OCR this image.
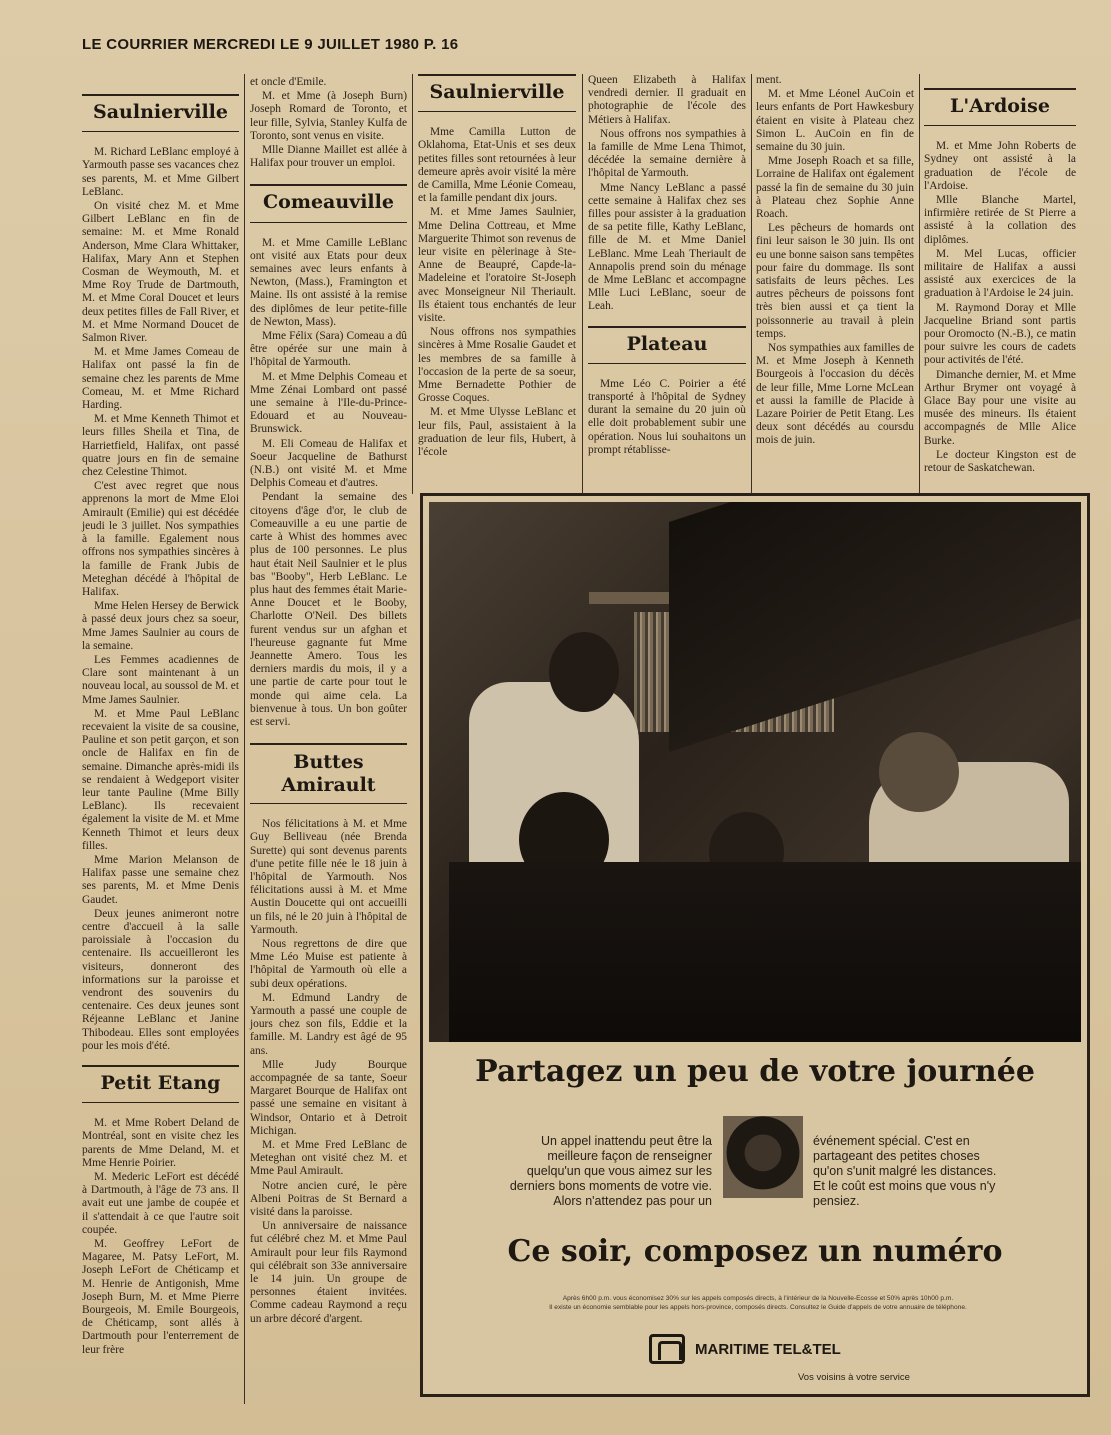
LE COURRIER MERCREDI LE 9 JUILLET 1980 P. 16
Saulnierville

M. Richard LeBlanc employé à Yarmouth passe ses vacances chez ses parents, M. et Mme Gilbert LeBlanc.

On visité chez M. et Mme Gilbert LeBlanc en fin de semaine: M. et Mme Ronald Anderson, Mme Clara Whittaker, Halifax, Mary Ann et Stephen Cosman de Weymouth, M. et Mme Roy Trude de Dartmouth, M. et Mme Coral Doucet et leurs deux petites filles de Fall River, et M. et Mme Normand Doucet de Salmon River.

M. et Mme James Comeau de Halifax ont passé la fin de semaine chez les parents de Mme Comeau, M. et Mme Richard Harding.

M. et Mme Kenneth Thimot et leurs filles Sheila et Tina, de Harrietfield, Halifax, ont passé quatre jours en fin de semaine chez Celestine Thimot.

C'est avec regret que nous apprenons la mort de Mme Eloi Amirault (Emilie) qui est décédée jeudi le 3 juillet. Nos sympathies à la famille. Egalement nous offrons nos sympathies sincères à la famille de Frank Jubis de Meteghan décédé à l'hôpital de Halifax.

Mme Helen Hersey de Berwick à passé deux jours chez sa soeur, Mme James Saulnier au cours de la semaine.

Les Femmes acadiennes de Clare sont maintenant à un nouveau local, au soussol de M. et Mme James Saulnier.

M. et Mme Paul LeBlanc recevaient la visite de sa cousine, Pauline et son petit garçon, et son oncle de Halifax en fin de semaine. Dimanche après-midi ils se rendaient à Wedgeport visiter leur tante Pauline (Mme Billy LeBlanc). Ils recevaient également la visite de M. et Mme Kenneth Thimot et leurs deux filles.

Mme Marion Melanson de Halifax passe une semaine chez ses parents, M. et Mme Denis Gaudet.

Deux jeunes animeront notre centre d'accueil à la salle paroissiale à l'occasion du centenaire. Ils accueilleront les visiteurs, donneront des informations sur la paroisse et vendront des souvenirs du centenaire. Ces deux jeunes sont Réjeanne LeBlanc et Janine Thibodeau. Elles sont employées pour les mois d'été.

Petit Etang

M. et Mme Robert Deland de Montréal, sont en visite chez les parents de Mme Deland, M. et Mme Henrie Poirier.

M. Mederic LeFort est décédé à Dartmouth, à l'âge de 73 ans. Il avait eut une jambe de coupée et il s'attendait à ce que l'autre soit coupée.

M. Geoffrey LeFort de Magaree, M. Patsy LeFort, M. Joseph LeFort de Chéticamp et M. Henrie de Antigonish, Mme Joseph Burn, M. et Mme Pierre Bourgeois, M. Emile Bourgeois, de Chéticamp, sont allés à Dartmouth pour l'enterrement de leur frère

et oncle d'Emile.

M. et Mme (à Joseph Burn) Joseph Romard de Toronto, et leur fille, Sylvia, Stanley Kulfa de Toronto, sont venus en visite.

Mlle Dianne Maillet est allée à Halifax pour trouver un emploi.

Comeauville

M. et Mme Camille LeBlanc ont visité aux Etats pour deux semaines avec leurs enfants à Newton, (Mass.), Framington et Maine. Ils ont assisté à la remise des diplômes de leur petite-fille de Newton, Mass).

Mme Félix (Sara) Comeau a dû être opérée sur une main à l'hôpital de Yarmouth.

M. et Mme Delphis Comeau et Mme Zénai Lombard ont passé une semaine à l'Ile-du-Prince-Edouard et au Nouveau-Brunswick.

M. Eli Comeau de Halifax et Soeur Jacqueline de Bathurst (N.B.) ont visité M. et Mme Delphis Comeau et d'autres.

Pendant la semaine des citoyens d'âge d'or, le club de Comeauville a eu une partie de carte à Whist des hommes avec plus de 100 personnes. Le plus haut était Neil Saulnier et le plus bas "Booby", Herb LeBlanc. Le plus haut des femmes était Marie-Anne Doucet et le Booby, Charlotte O'Neil. Des billets furent vendus sur un afghan et l'heureuse gagnante fut Mme Jeannette Amero. Tous les derniers mardis du mois, il y a une partie de carte pour tout le monde qui aime cela. La bienvenue à tous. Un bon goûter est servi.

Buttes Amirault

Nos félicitations à M. et Mme Guy Belliveau (née Brenda Surette) qui sont devenus parents d'une petite fille née le 18 juin à l'hôpital de Yarmouth. Nos félicitations aussi à M. et Mme Austin Doucette qui ont accueilli un fils, né le 20 juin à l'hôpital de Yarmouth.

Nous regrettons de dire que Mme Léo Muise est patiente à l'hôpital de Yarmouth où elle a subi deux opérations.

M. Edmund Landry de Yarmouth a passé une couple de jours chez son fils, Eddie et la famille. M. Landry est âgé de 95 ans.

Mlle Judy Bourque accompagnée de sa tante, Soeur Margaret Bourque de Halifax ont passé une semaine en visitant à Windsor, Ontario et à Detroit Michigan.

M. et Mme Fred LeBlanc de Meteghan ont visité chez M. et Mme Paul Amirault.

Notre ancien curé, le père Albeni Poitras de St Bernard a visité dans la paroisse.

Un anniversaire de naissance fut célébré chez M. et Mme Paul Amirault pour leur fils Raymond qui célébrait son 33e anniversaire le 14 juin. Un groupe de personnes étaient invitées. Comme cadeau Raymond a reçu un arbre décoré d'argent.

Saulnierville

Mme Camilla Lutton de Oklahoma, Etat-Unis et ses deux petites filles sont retournées à leur demeure après avoir visité la mère de Camilla, Mme Léonie Comeau, et la famille pendant dix jours.

M. et Mme James Saulnier, Mme Delina Cottreau, et Mme Marguerite Thimot son revenus de leur visite en pèlerinage à Ste-Anne de Beaupré, Capde-la-Madeleine et l'oratoire St-Joseph avec Monseigneur Nil Theriault. Ils étaient tous enchantés de leur visite.

Nous offrons nos sympathies sincères à Mme Rosalie Gaudet et les membres de sa famille à l'occasion de la perte de sa soeur, Mme Bernadette Pothier de Grosse Coques.

M. et Mme Ulysse LeBlanc et leur fils, Paul, assistaient à la graduation de leur fils, Hubert, à l'école

Queen Elizabeth à Halifax vendredi dernier. Il graduait en photographie de l'école des Métiers à Halifax.

Nous offrons nos sympathies à la famille de Mme Lena Thimot, décédée la semaine dernière à l'hôpital de Yarmouth.

Mme Nancy LeBlanc a passé cette semaine à Halifax chez ses filles pour assister à la graduation de sa petite fille, Kathy LeBlanc, fille de M. et Mme Daniel LeBlanc. Mme Leah Theriault de Annapolis prend soin du ménage de Mme LeBlanc et accompagne Mlle Luci LeBlanc, soeur de Leah.

Plateau

Mme Léo C. Poirier a été transporté à l'hôpital de Sydney durant la semaine du 20 juin où elle doit probablement subir une opération. Nous lui souhaitons un prompt rétablisse-

ment.

M. et Mme Léonel AuCoin et leurs enfants de Port Hawkesbury étaient en visite à Plateau chez Simon L. AuCoin en fin de semaine du 30 juin.

Mme Joseph Roach et sa fille, Lorraine de Halifax ont également passé la fin de semaine du 30 juin à Plateau chez Sophie Anne Roach.

Les pêcheurs de homards ont fini leur saison le 30 juin. Ils ont eu une bonne saison sans tempêtes pour faire du dommage. Ils sont satisfaits de leurs pêches. Les autres pêcheurs de poissons font très bien aussi et ça tient la poissonnerie au travail à plein temps.

Nos sympathies aux familles de M. et Mme Joseph à Kenneth Bourgeois à l'occasion du décès de leur fille, Mme Lorne McLean et aussi la famille de Placide à Lazare Poirier de Petit Etang. Les deux sont décédés au coursdu mois de juin.

L'Ardoise

M. et Mme John Roberts de Sydney ont assisté à la graduation de l'école de l'Ardoise.

Mlle Blanche Martel, infirmière retirée de St Pierre a assisté à la collation des diplômes.

M. Mel Lucas, officier militaire de Halifax a aussi assisté aux exercices de la graduation à l'Ardoise le 24 juin.

M. Raymond Doray et Mlle Jacqueline Briand sont partis pour Oromocto (N.-B.), ce matin pour suivre les cours de cadets pour activités de l'été.

Dimanche dernier, M. et Mme Arthur Brymer ont voyagé à Glace Bay pour une visite au musée des mineurs. Ils étaient accompagnés de Mlle Alice Burke.

Le docteur Kingston est de retour de Saskatchewan.

Partagez un peu de votre journée
Un appel inattendu peut être la meilleure façon de renseigner quelqu'un que vous aimez sur les derniers bons moments de votre vie. Alors n'attendez pas pour un
événement spécial. C'est en partageant des petites choses qu'on s'unit malgré les distances. Et le coût est moins que vous n'y pensiez.
Ce soir, composez un numéro
Après 6h00 p.m. vous économisez 30% sur les appels composés directs, à l'intérieur de la Nouvelle-Ecosse et 50% après 10h00 p.m.
Il existe un économie semblable pour les appels hors-province, composés directs. Consultez le Guide d'appels de votre annuaire de téléphone.
MARITIME TEL&TEL
Vos voisins à votre service
